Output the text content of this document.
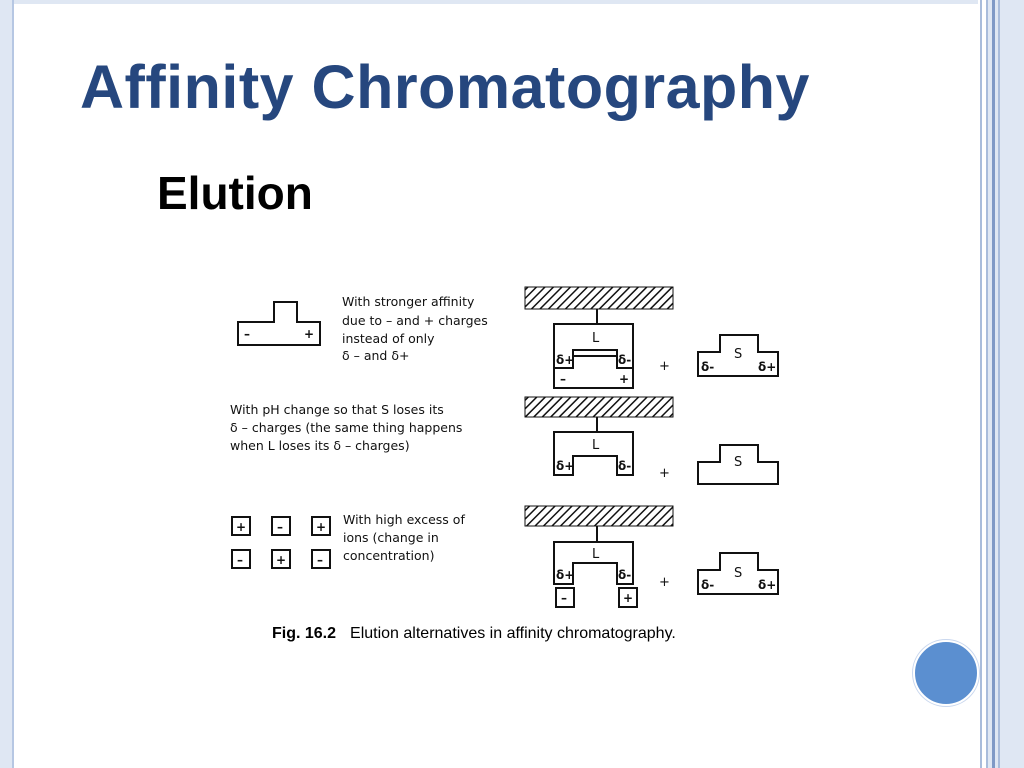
Affinity Chromatography
Elution
–	+
With stronger affinity
due to – and + charges
instead of only
δ – and δ+
L
δ+	δ-
–	+
+
S
δ-	δ+
With pH change so that S loses its
δ – charges (the same thing happens
when L loses its δ – charges)	L
δ+	δ- +
S
+	–	+
–	+	–
With high excess of
ions (change in
concentration)	L
δ+	δ-
–	+
+
S
δ-	δ+

Fig. 16.2 Elution alternatives in affinity chromatography.
